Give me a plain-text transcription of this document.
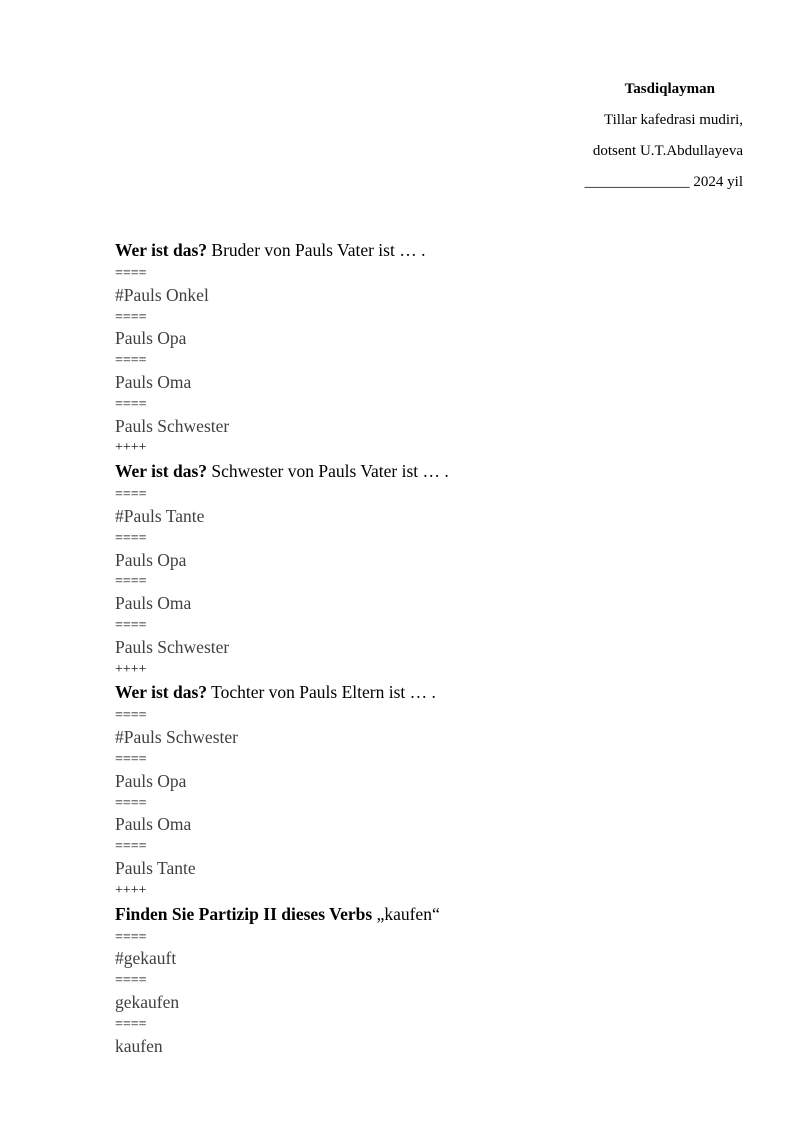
Tasdiqlayman
Tillar kafedrasi mudiri,
dotsent U.T.Abdullayeva
______________ 2024 yil
Wer ist das? Bruder von Pauls Vater ist … .
====
#Pauls Onkel
====
Pauls Opa
====
Pauls Oma
====
Pauls Schwester
++++
Wer ist das? Schwester von Pauls Vater ist … .
====
#Pauls Tante
====
Pauls Opa
====
Pauls Oma
====
Pauls Schwester
++++
Wer ist das? Tochter von Pauls Eltern ist … .
====
#Pauls Schwester
====
Pauls Opa
====
Pauls Oma
====
Pauls Tante
++++
Finden Sie Partizip II dieses Verbs „kaufen“
====
#gekauft
====
gekaufen
====
kaufen
